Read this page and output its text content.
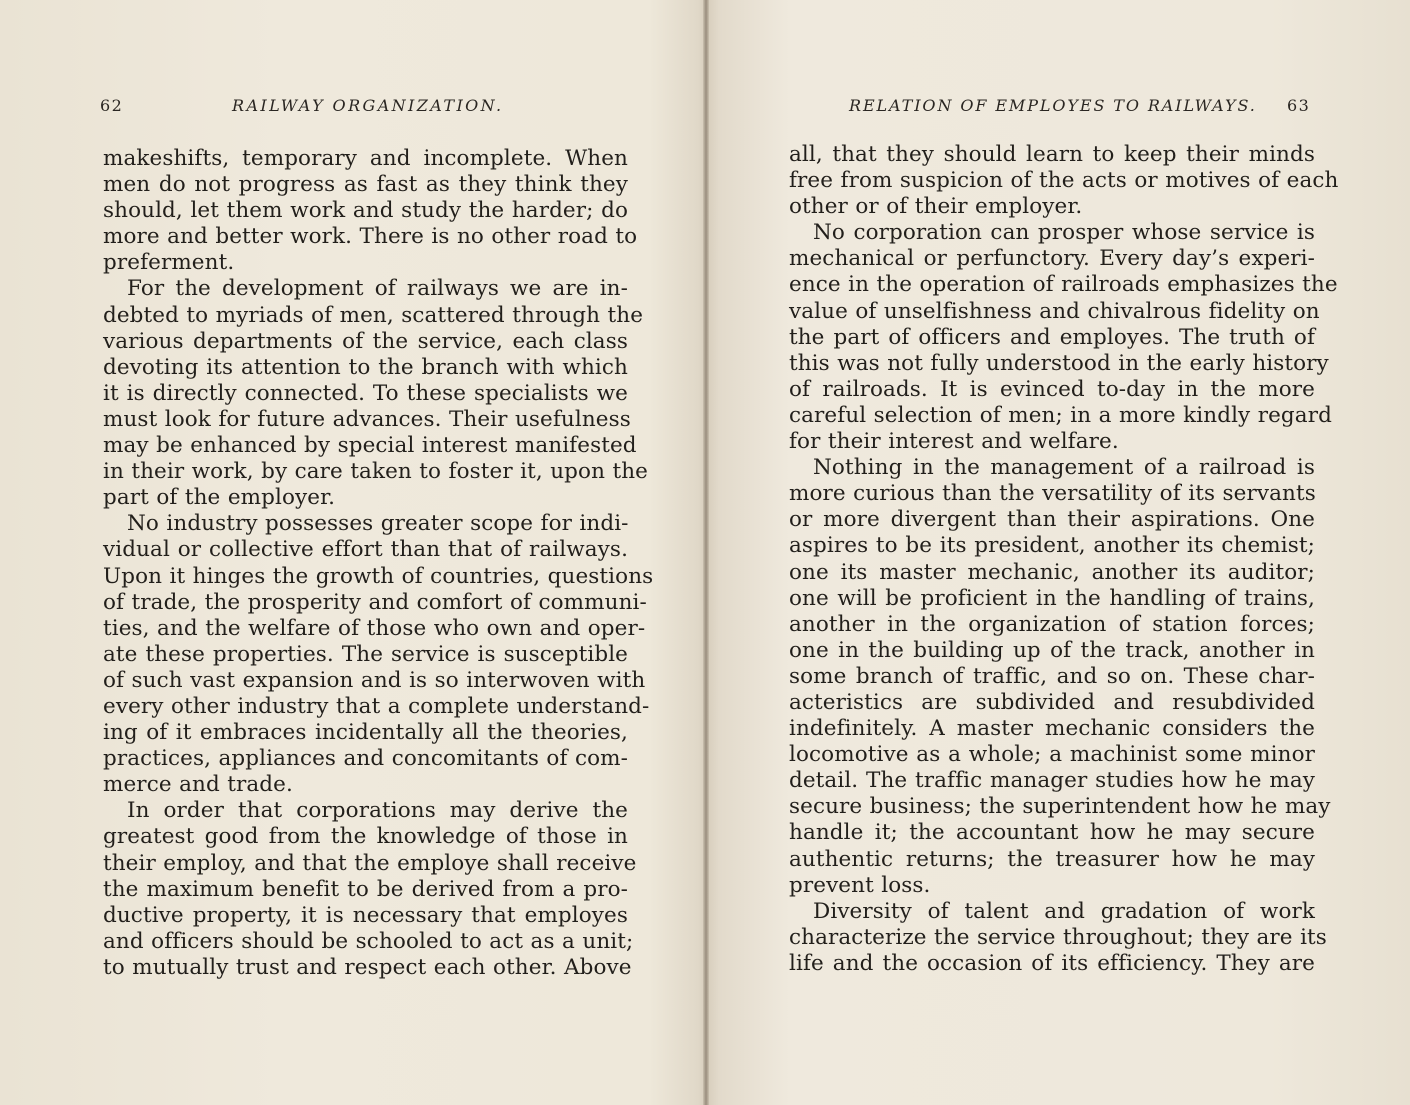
62	RAILWAY ORGANIZATION.
makeshifts, temporary and incomplete. When
men do not progress as fast as they think they
should, let them work and study the harder; do
more and better work. There is no other road to
preferment.
For the development of railways we are in-
debted to myriads of men, scattered through the
various departments of the service, each class
devoting its attention to the branch with which
it is directly connected. To these specialists we
must look for future advances. Their usefulness
may be enhanced by special interest manifested
in their work, by care taken to foster it, upon the
part of the employer.
No industry possesses greater scope for indi-
vidual or collective effort than that of railways.
Upon it hinges the growth of countries, questions
of trade, the prosperity and comfort of communi-
ties, and the welfare of those who own and oper-
ate these properties. The service is susceptible
of such vast expansion and is so interwoven with
every other industry that a complete understand-
ing of it embraces incidentally all the theories,
practices, appliances and concomitants of com-
merce and trade.
In order that corporations may derive the
greatest good from the knowledge of those in
their employ, and that the employe shall receive
the maximum benefit to be derived from a pro-
ductive property, it is necessary that employes
and officers should be schooled to act as a unit;
to mutually trust and respect each other. Above
RELATION OF EMPLOYES TO RAILWAYS. 63
all, that they should learn to keep their minds
free from suspicion of the acts or motives of each
other or of their employer.
No corporation can prosper whose service is
mechanical or perfunctory. Every day’s experi-
ence in the operation of railroads emphasizes the
value of unselfishness and chivalrous fidelity on
the part of officers and employes. The truth of
this was not fully understood in the early history
of railroads. It is evinced to-day in the more
careful selection of men; in a more kindly regard
for their interest and welfare.
Nothing in the management of a railroad is
more curious than the versatility of its servants
or more divergent than their aspirations. One
aspires to be its president, another its chemist;
one its master mechanic, another its auditor;
one will be proficient in the handling of trains,
another in the organization of station forces;
one in the building up of the track, another in
some branch of traffic, and so on. These char-
acteristics are subdivided and resubdivided
indefinitely. A master mechanic considers the
locomotive as a whole; a machinist some minor
detail. The traffic manager studies how he may
secure business; the superintendent how he may
handle it; the accountant how he may secure
authentic returns; the treasurer how he may
prevent loss.
Diversity of talent and gradation of work
characterize the service throughout; they are its
life and the occasion of its efficiency. They are
